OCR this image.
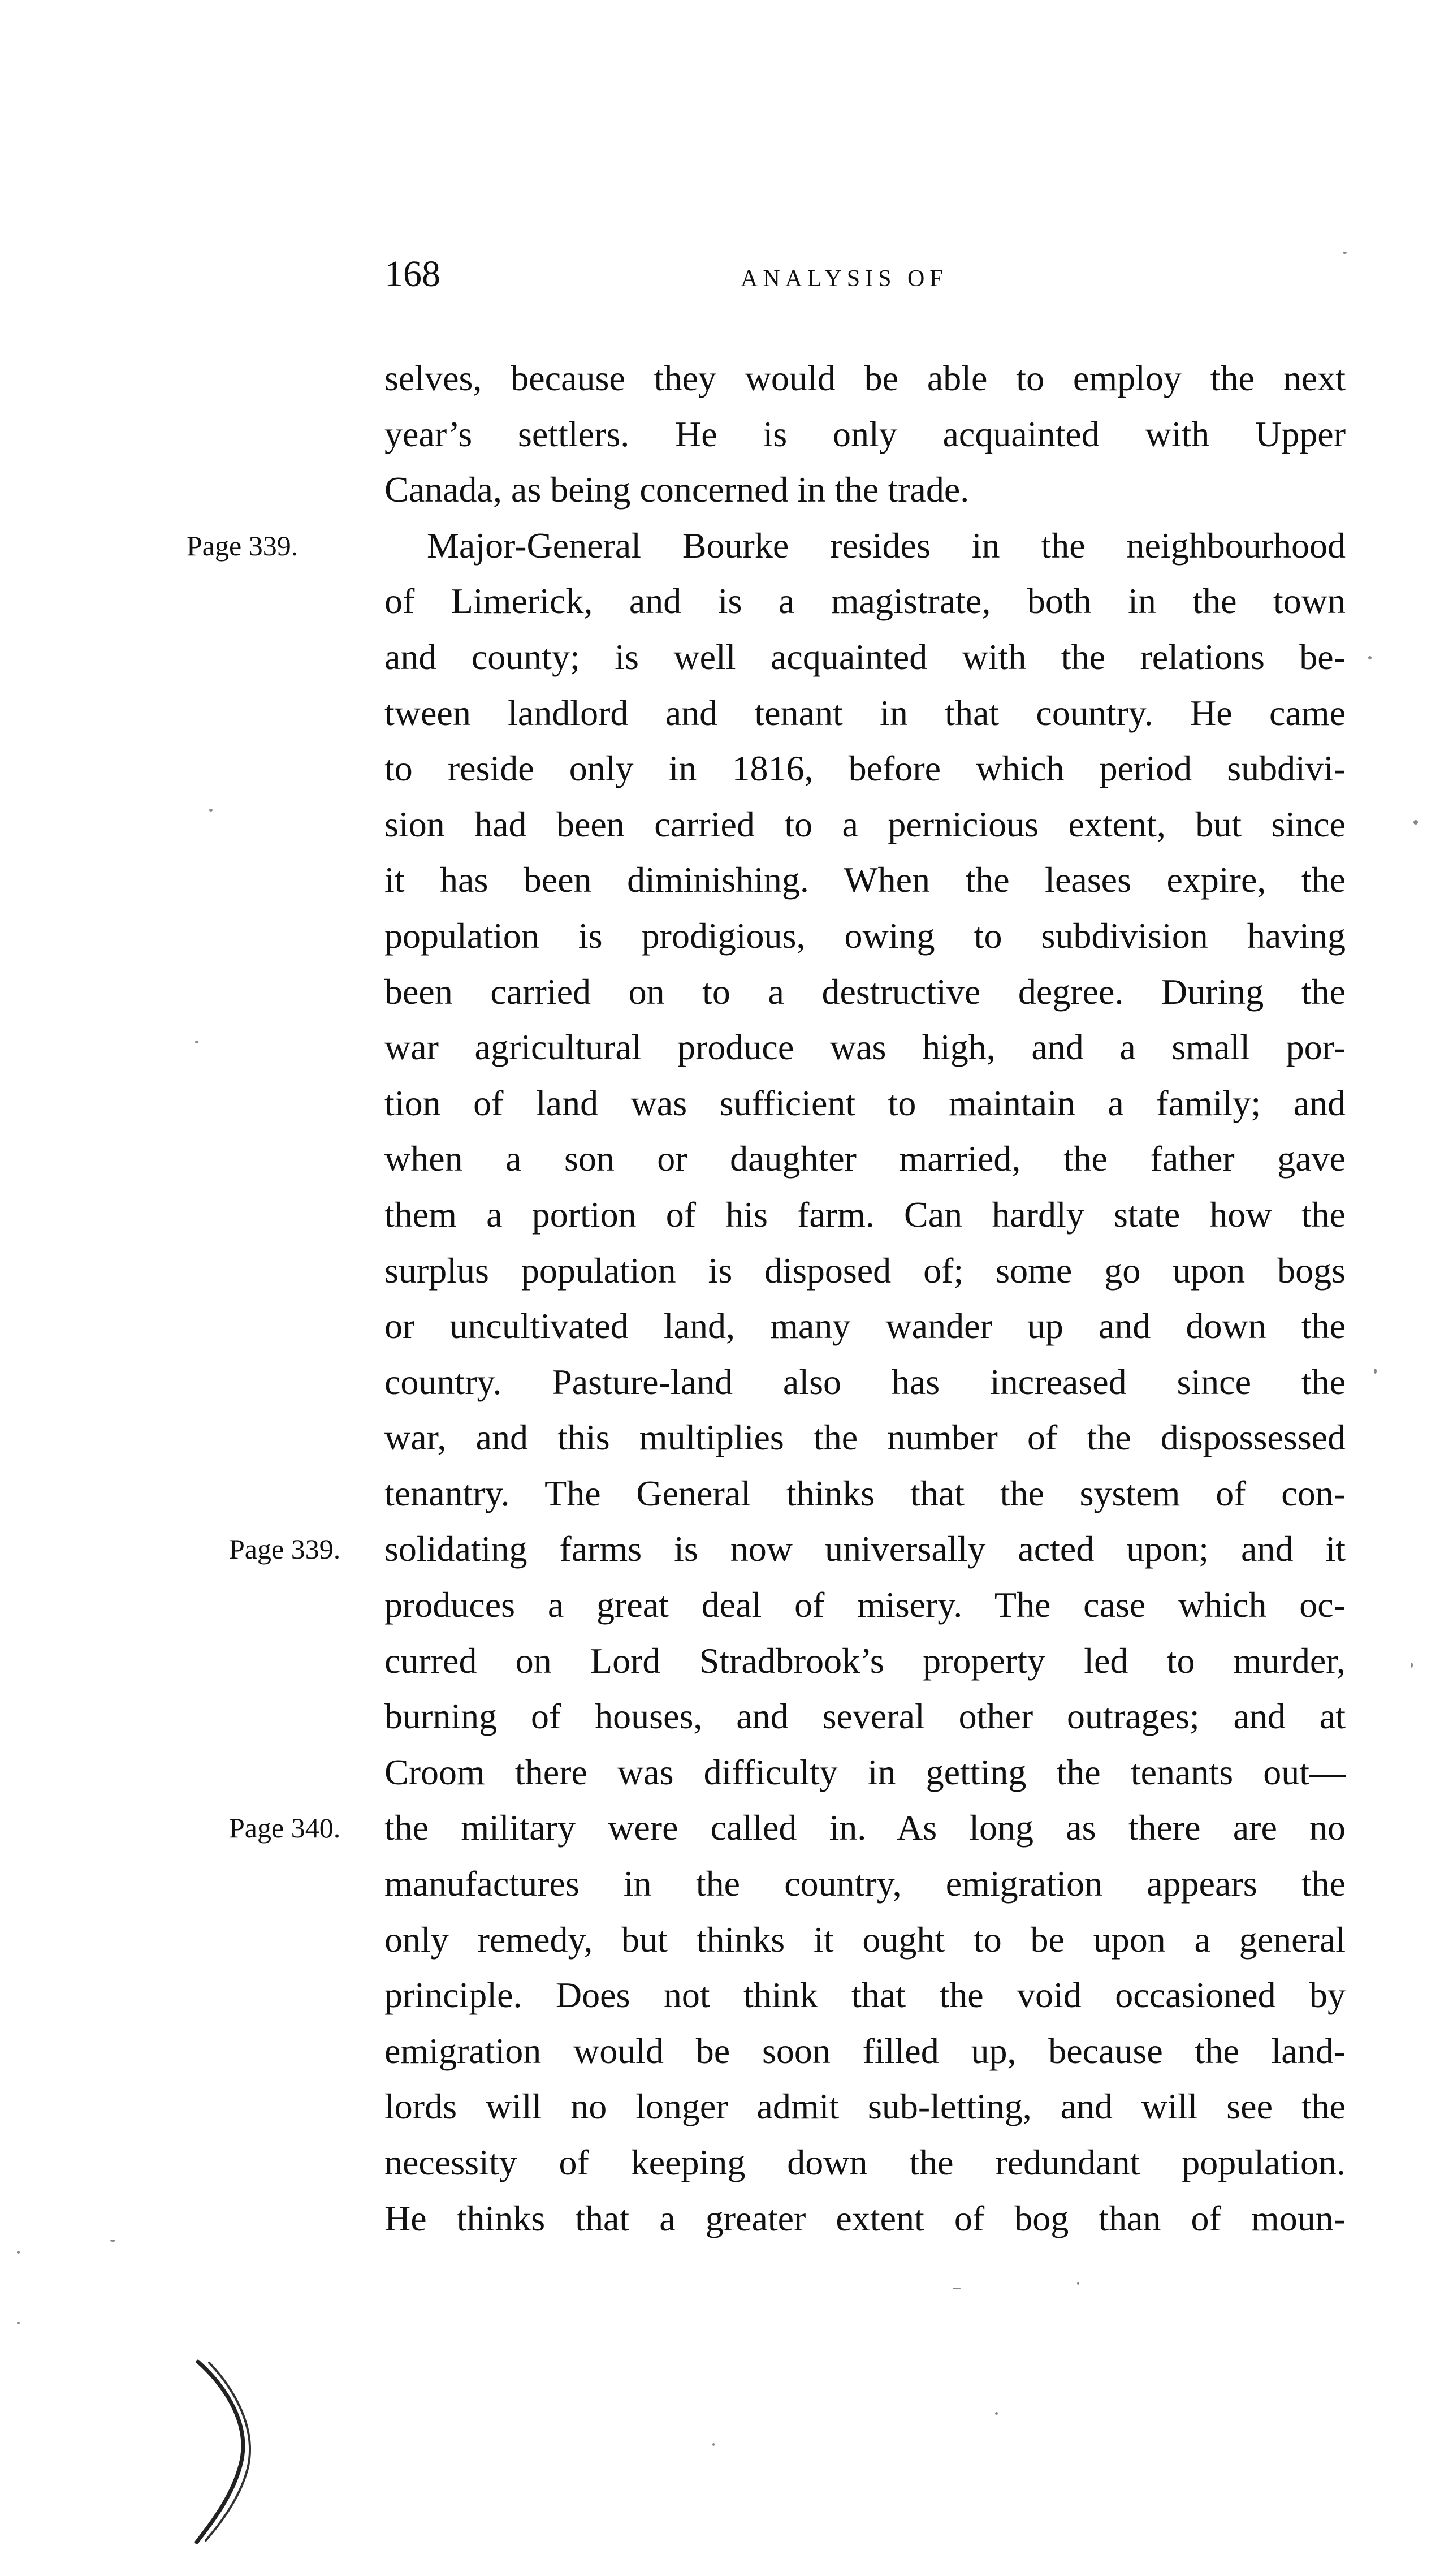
168	ANALYSIS OF
selves, because they would be able to employ the next
year’s settlers. He is only acquainted with Upper
Canada, as being concerned in the trade.
Page 339.	Major-General Bourke resides in the neighbourhood
of Limerick, and is a magistrate, both in the town
and county; is well acquainted with the relations be-
tween landlord and tenant in that country. He came
to reside only in 1816, before which period subdivi-
sion had been carried to a pernicious extent, but since
it has been diminishing. When the leases expire, the
population is prodigious, owing to subdivision having
been carried on to a destructive degree. During the
war agricultural produce was high, and a small por-
tion of land was sufficient to maintain a family; and
when a son or daughter married, the father gave
them a portion of his farm. Can hardly state how the
surplus population is disposed of; some go upon bogs
or uncultivated land, many wander up and down the
country. Pasture-land also has increased since the
war, and this multiplies the number of the dispossessed
tenantry. The General thinks that the system of con-
Page 339. solidating farms is now universally acted upon; and it
produces a great deal of misery. The case which oc-
curred on Lord Stradbrook’s property led to murder,
burning of houses, and several other outrages; and at
Croom there was difficulty in getting the tenants out—
Page 340. the military were called in. As long as there are no
manufactures in the country, emigration appears the
only remedy, but thinks it ought to be upon a general
principle. Does not think that the void occasioned by
emigration would be soon filled up, because the land-
lords will no longer admit sub-letting, and will see the
necessity of keeping down the redundant population.
He thinks that a greater extent of bog than of moun-
